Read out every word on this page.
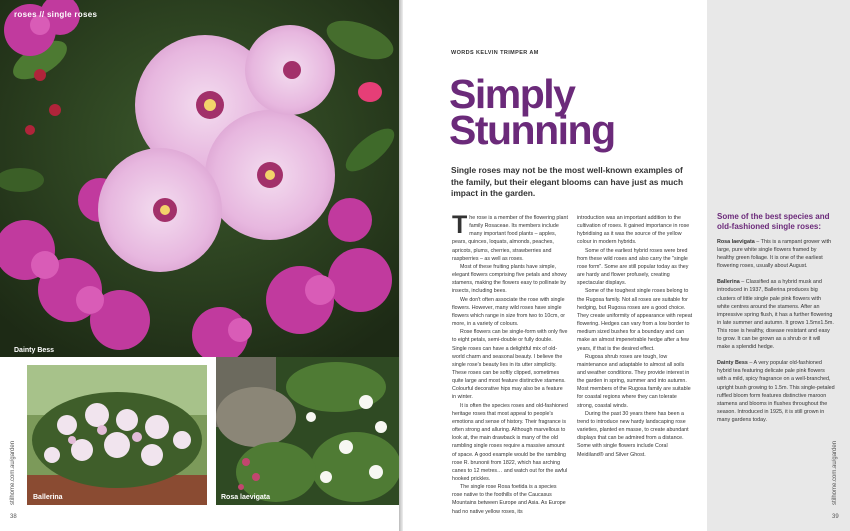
roses // single roses
Dainty Bess
Ballerina	Rosa laevigata
stilhome.com.au/garden
38
WORDS KELVIN TRIMPER AM
Simply
Stunning
Single roses may not be the most well-known examples of the family, but their elegant blooms can have just as much impact in the garden.
T he rose is a member of the flowering plant family Rosaceae. Its members include many important food plants – apples, pears, quinces, loquats, almonds, peaches, apricots, plums, cherries, strawberries and raspberries – as well as roses.

Most of these fruiting plants have simple, elegant flowers comprising five petals and showy stamens, making the flowers easy to pollinate by insects, including bees.

We don't often associate the rose with single flowers. However, many wild roses have single flowers which range in size from two to 10cm, or more, in a variety of colours.

Rose flowers can be single-form with only five to eight petals, semi-double or fully double. Single roses can have a delightful mix of old-world charm and seasonal beauty. I believe the single rose's beauty lies in its utter simplicity. These roses can be softly clipped, sometimes quite large and most feature distinctive stamens. Colourful decorative hips may also be a feature in winter.

It is often the species roses and old-fashioned heritage roses that most appeal to people's emotions and sense of history. Their fragrance is often strong and alluring. Although marvellous to look at, the main drawback is many of the old rambling single roses require a massive amount of space. A good example would be the rambling rose R. brunonii from 1822, which has arching canes to 12 metres… and watch out for the awful hooked prickles.

The single rose Rosa foetida is a species rose native to the foothills of the Caucasus Mountains between Europe and Asia. As Europe had no native yellow roses, its

introduction was an important addition to the cultivation of roses. It gained importance in rose hybridising as it was the source of the yellow colour in modern hybrids.

Some of the earliest hybrid roses were bred from these wild roses and also carry the "single rose form". Some are still popular today as they are hardy and flower profusely, creating spectacular displays.

Some of the toughest single roses belong to the Rugosa family. Not all roses are suitable for hedging, but Rugosa roses are a good choice. They create uniformity of appearance with repeat flowering. Hedges can vary from a low border to medium sized bushes for a boundary and can make an almost impenetrable hedge after a few years, if that is the desired effect.

Rugosa shrub roses are tough, low maintenance and adaptable to almost all soils and weather conditions. They provide interest in the garden in spring, summer and into autumn. Most members of the Rugosa family are suitable for coastal regions where they can tolerate strong, coastal winds.

During the past 30 years there has been a trend to introduce new hardy landscaping rose varieties, planted en masse, to create abundant displays that can be admired from a distance. Some with single flowers include Coral Meidiland® and Silver Ghost.

Some of the best species and old-fashioned single roses:

Rosa laevigata – This is a rampant grower with large, pure white single flowers framed by healthy green foliage. It is one of the earliest flowering roses, usually about August.

Ballerina – Classified as a hybrid musk and introduced in 1937, Ballerina produces big clusters of little single pale pink flowers with white centres around the stamens. After an impressive spring flush, it has a further flowering in late summer and autumn. It grows 1.5mx1.5m. This rose is healthy, disease resistant and easy to grow. It can be grown as a shrub or it will make a splendid hedge.

Dainty Bess – A very popular old-fashioned hybrid tea featuring delicate pale pink flowers with a mild, spicy fragrance on a well-branched, upright bush growing to 1.5m. This single-petaled ruffled bloom form features distinctive maroon stamens and blooms in flushes throughout the season. Introduced in 1925, it is still grown in many gardens today.

stilhome.com.au/garden
39
